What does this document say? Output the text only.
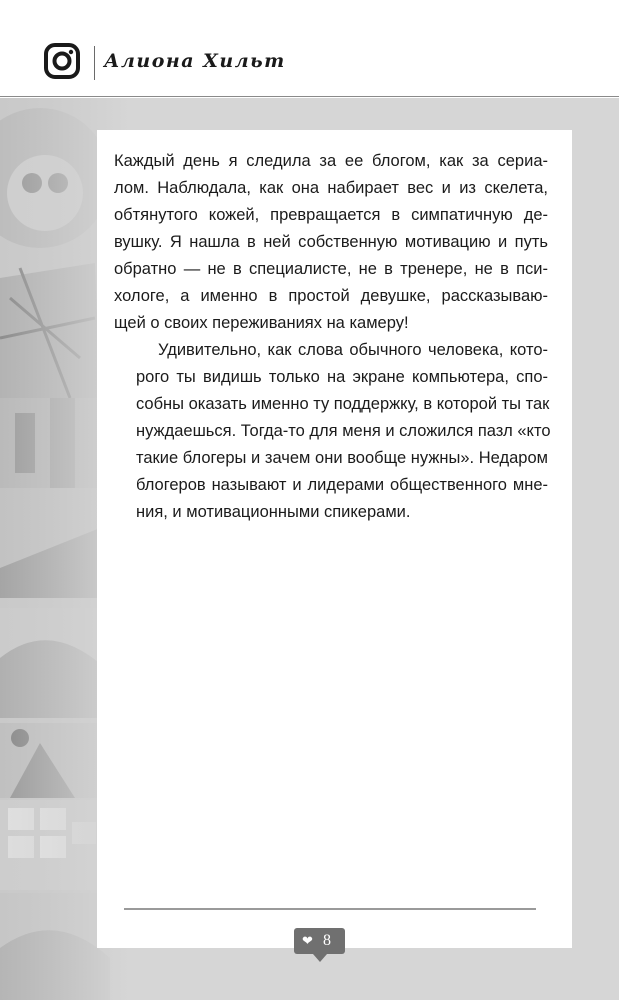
Алиона Хильт

Каждый день я следила за ее блогом, как за сериа-
лом. Наблюдала, как она набирает вес и из скелета,
обтянутого кожей, превращается в симпатичную де-
вушку. Я нашла в ней собственную мотивацию и путь
обратно — не в специалисте, не в тренере, не в пси-
хологе, а именно в простой девушке, рассказываю-
щей о своих переживаниях на камеру!

Удивительно, как слова обычного человека, кото-
рого ты видишь только на экране компьютера, спо-
собны оказать именно ту поддержку, в которой ты так
нуждаешься. Тогда-то для меня и сложился пазл «кто
такие блогеры и зачем они вообще нужны». Недаром
блогеров называют и лидерами общественного мне-
ния, и мотивационными спикерами.

❤ 8
